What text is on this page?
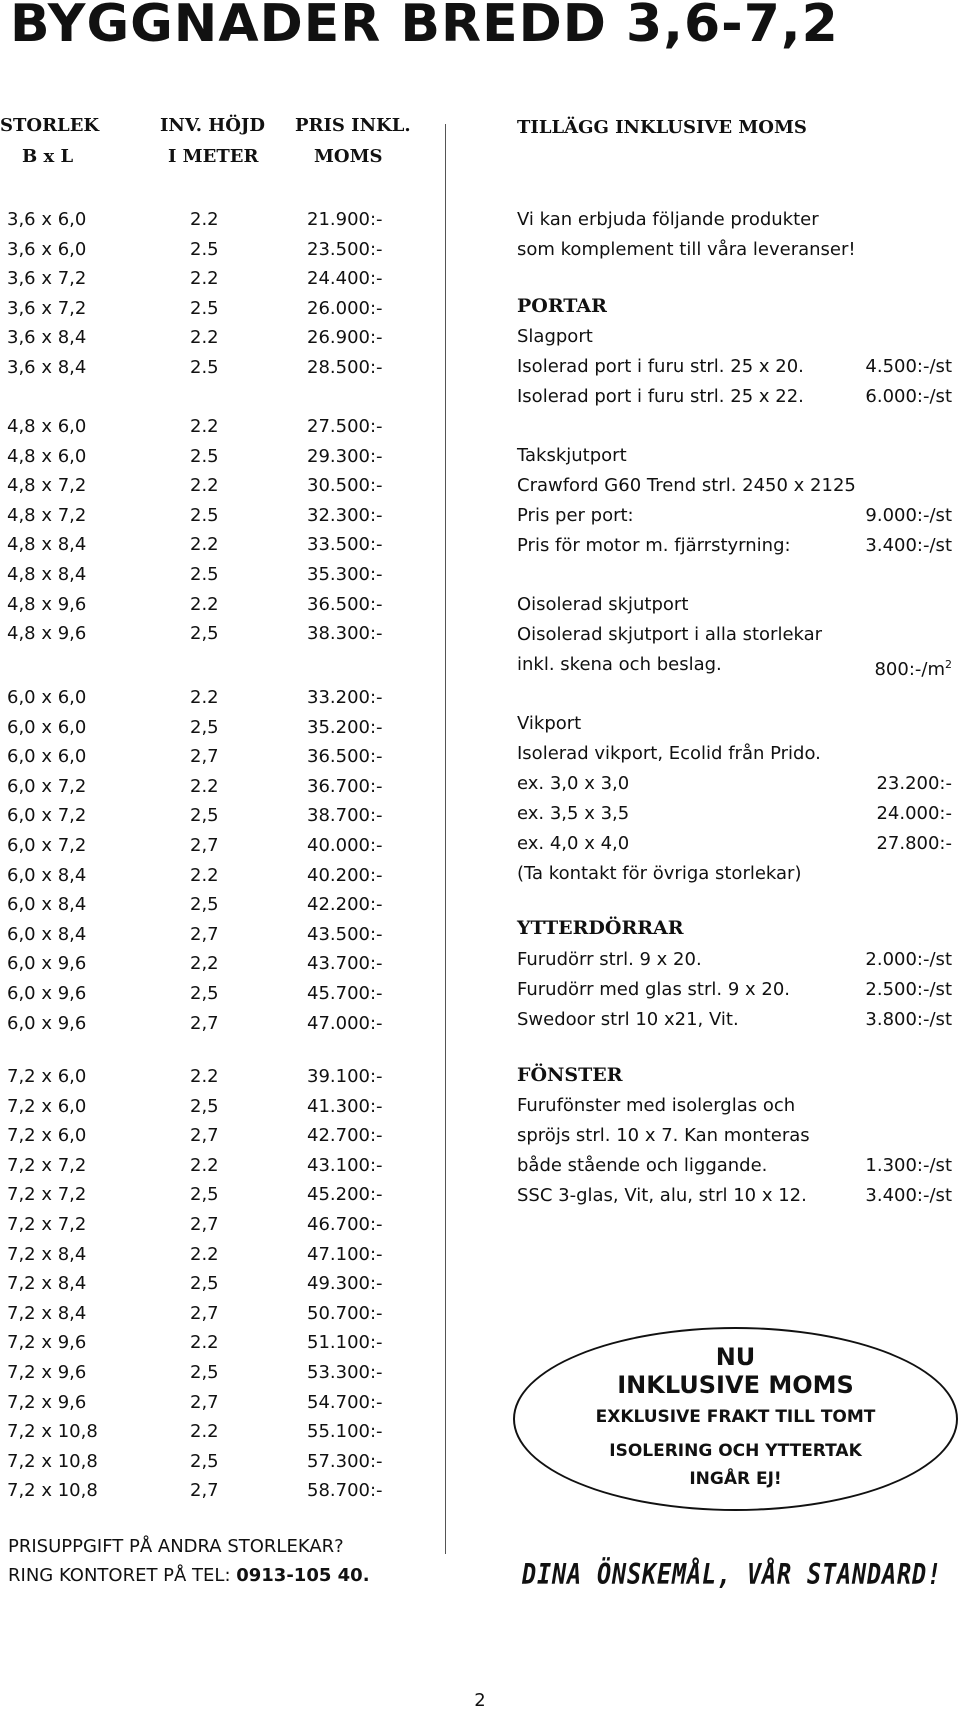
BYGGNADER BREDD 3,6-7,2
STORLEK
B x L
INV. HÖJD
I METER
PRIS INKL.
MOMS
3,6 x 6,0	2.2	21.900:-
3,6 x 6,0	2.5	23.500:-
3,6 x 7,2	2.2	24.400:-
3,6 x 7,2	2.5	26.000:-
3,6 x 8,4	2.2	26.900:-
3,6 x 8,4	2.5	28.500:-
4,8 x 6,0	2.2	27.500:-
4,8 x 6,0	2.5	29.300:-
4,8 x 7,2	2.2	30.500:-
4,8 x 7,2	2.5	32.300:-
4,8 x 8,4	2.2	33.500:-
4,8 x 8,4	2.5	35.300:-
4,8 x 9,6	2.2	36.500:-
4,8 x 9,6	2,5	38.300:-
6,0 x 6,0	2.2	33.200:-
6,0 x 6,0	2,5	35.200:-
6,0 x 6,0	2,7	36.500:-
6,0 x 7,2	2.2	36.700:-
6,0 x 7,2	2,5	38.700:-
6,0 x 7,2	2,7	40.000:-
6,0 x 8,4	2.2	40.200:-
6,0 x 8,4	2,5	42.200:-
6,0 x 8,4	2,7	43.500:-
6,0 x 9,6	2,2	43.700:-
6,0 x 9,6	2,5	45.700:-
6,0 x 9,6	2,7	47.000:-
7,2 x 6,0	2.2	39.100:-
7,2 x 6,0	2,5	41.300:-
7,2 x 6,0	2,7	42.700:-
7,2 x 7,2	2.2	43.100:-
7,2 x 7,2	2,5	45.200:-
7,2 x 7,2	2,7	46.700:-
7,2 x 8,4	2.2	47.100:-
7,2 x 8,4	2,5	49.300:-
7,2 x 8,4	2,7	50.700:-
7,2 x 9,6	2.2	51.100:-
7,2 x 9,6	2,5	53.300:-
7,2 x 9,6	2,7	54.700:-
7,2 x 10,8	2.2	55.100:-
7,2 x 10,8	2,5	57.300:-
7,2 x 10,8	2,7	58.700:-
PRISUPPGIFT PÅ ANDRA STORLEKAR?
RING KONTORET PÅ TEL: 0913-105 40.
TILLÄGG INKLUSIVE MOMS
Vi kan erbjuda följande produkter
som komplement till våra leveranser!
PORTAR
Slagport
Isolerad port i furu strl. 25 x 20.	4.500:-/st
Isolerad port i furu strl. 25 x 22.	6.000:-/st
Takskjutport
Crawford G60 Trend strl. 2450 x 2125
Pris per port:	9.000:-/st
Pris för motor m. fjärrstyrning:	3.400:-/st
Oisolerad skjutport
Oisolerad skjutport i alla storlekar
inkl. skena och beslag.	$800:-/m^2$
Vikport
Isolerad vikport, Ecolid från Prido.
ex. 3,0 x 3,0	23.200:-
ex. 3,5 x 3,5	24.000:-
ex. 4,0 x 4,0	27.800:-
(Ta kontakt för övriga storlekar)
YTTERDÖRRAR
Furudörr strl. 9 x 20.	2.000:-/st
Furudörr med glas strl. 9 x 20.	2.500:-/st
Swedoor strl 10 x21, Vit.	3.800:-/st
FÖNSTER
Furufönster med isolerglas och
spröjs strl. 10 x 7. Kan monteras
både stående och liggande.	1.300:-/st
SSC 3-glas, Vit, alu, strl 10 x 12.	3.400:-/st
NU
INKLUSIVE MOMS
EXKLUSIVE FRAKT TILL TOMT
ISOLERING OCH YTTERTAK
INGÅR EJ!
DINA ÖNSKEMÅL, VÅR STANDARD!
2
